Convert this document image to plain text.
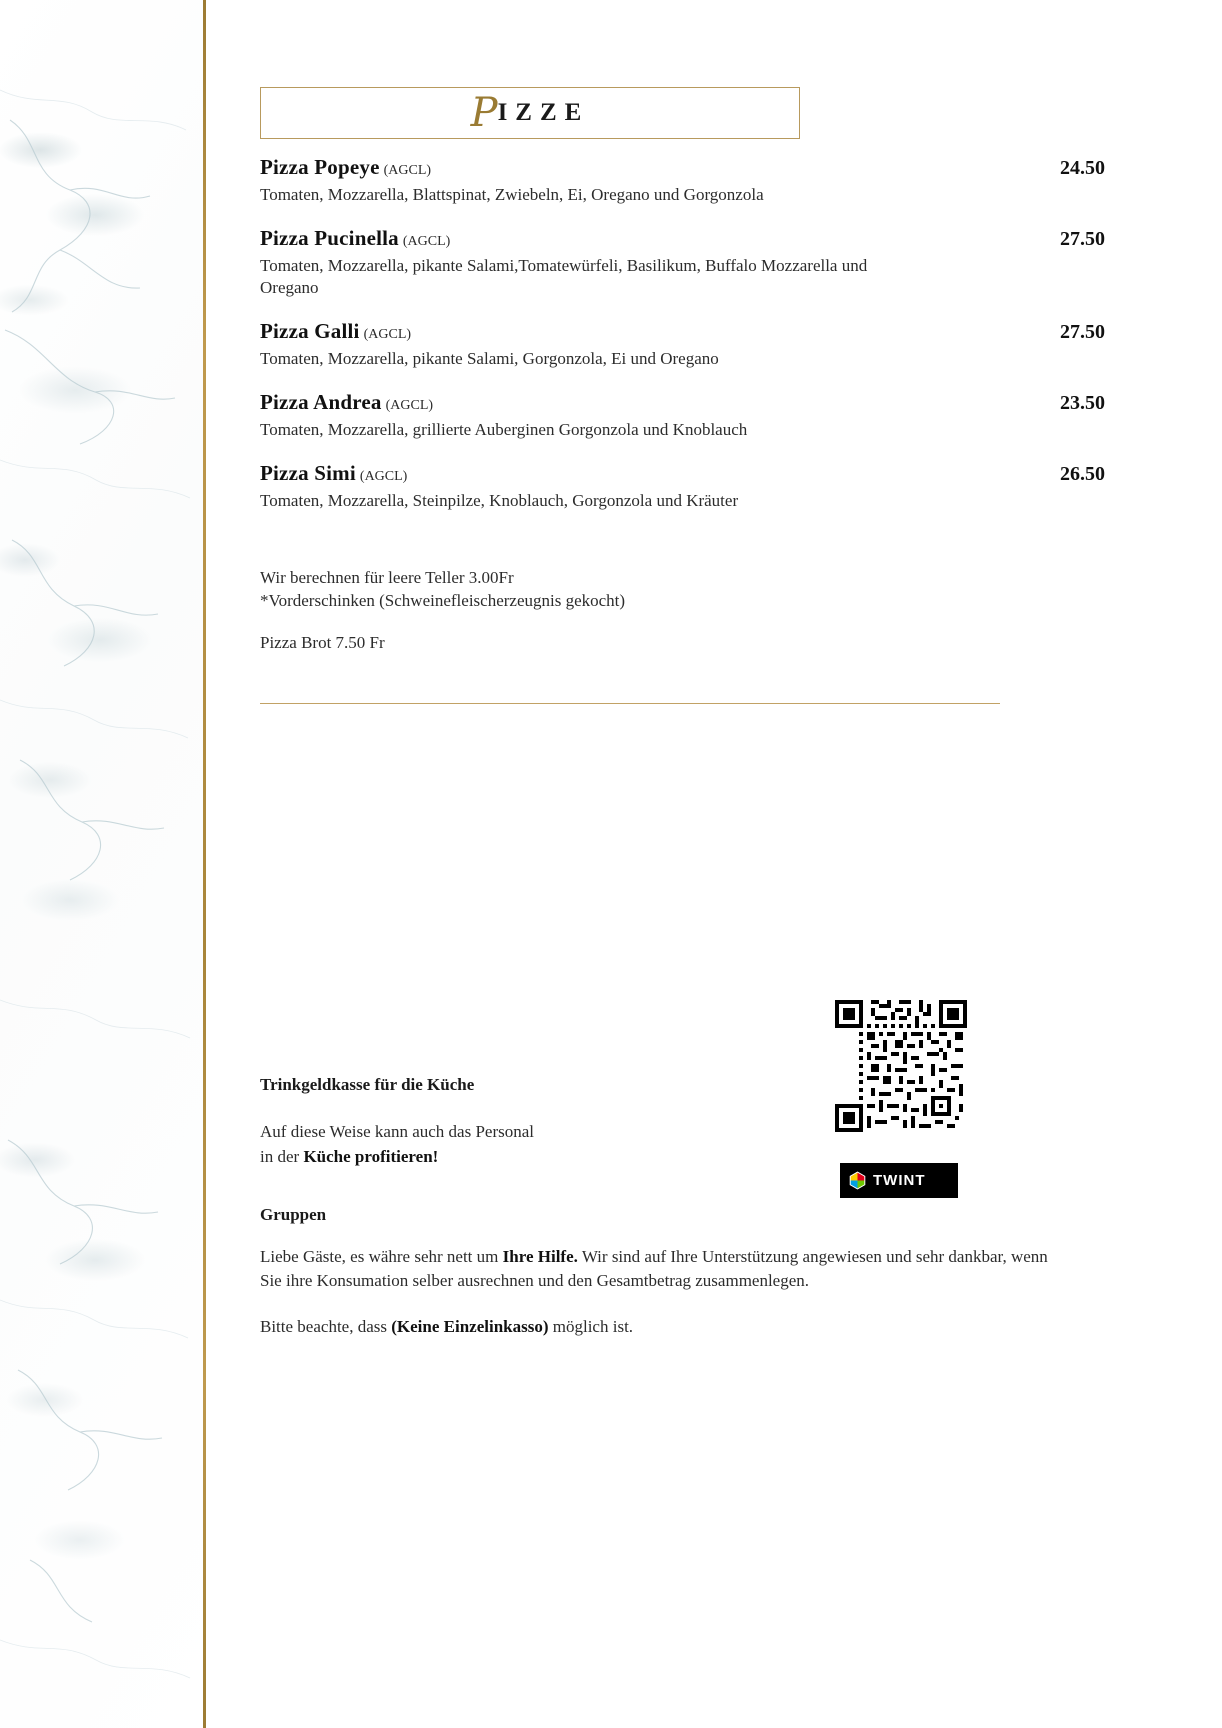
PIZZE
Pizza Popeye (AGCL)	24.50
Tomaten, Mozzarella, Blattspinat, Zwiebeln, Ei, Oregano und Gorgonzola
Pizza Pucinella (AGCL)	27.50
Tomaten, Mozzarella, pikante Salami,Tomatewürfeli, Basilikum, Buffalo Mozzarella und Oregano
Pizza Galli (AGCL)	27.50
Tomaten, Mozzarella, pikante Salami, Gorgonzola, Ei und Oregano
Pizza Andrea (AGCL)	23.50
Tomaten, Mozzarella, grillierte Auberginen Gorgonzola und Knoblauch
Pizza Simi (AGCL)	26.50
Tomaten, Mozzarella, Steinpilze, Knoblauch, Gorgonzola und Kräuter
Wir berechnen für leere Teller 3.00Fr
*Vorderschinken (Schweinefleischerzeugnis gekocht)
Pizza Brot 7.50 Fr
TWINT
Trinkgeldkasse für die Küche
Auf diese Weise kann auch das Personal
in der Küche profitieren!
Gruppen
Liebe Gäste, es währe sehr nett um Ihre Hilfe. Wir sind auf Ihre Unterstützung angewiesen und sehr dankbar, wenn Sie ihre Konsumation selber ausrechnen und den Gesamtbetrag zusammenlegen.
Bitte beachte, dass (Keine Einzelinkasso) möglich ist.
